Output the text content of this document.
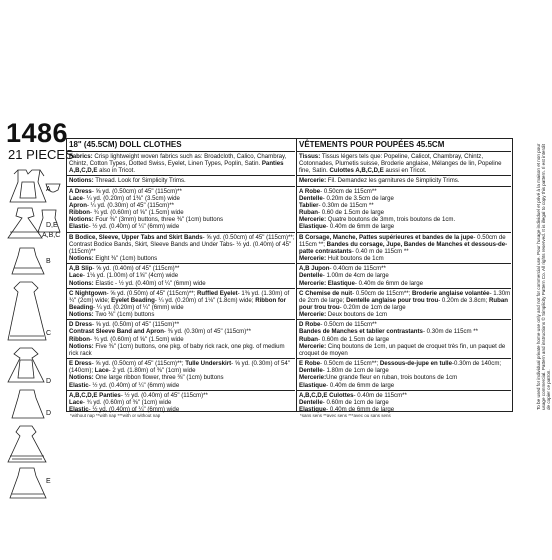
1486
21 PIECES
A
A,B,C
D,E
B
C
D
D
E
18" (45.5CM) DOLL CLOTHES
Fabrics: Crisp lightweight woven fabrics such as: Broadcloth, Calico, Chambray, Chintz, Cotton Types, Dotted Swiss, Eyelet, Linen Types, Poplin, Satin. Panties A,B,C,D,E also in Tricot.
Notions: Thread. Look for Simplicity Trims.
A Dress- ⅝ yd. (0.50cm) of 45" (115cm)**
Lace- ¼ yd. (0.20m) of 1⅜" (3.5cm) wide
Apron- ¼ yd. (0.30m) of 45" (115cm)**
Ribbon- ¾ yd. (0.60m) of ⅝" (1.5cm) wide
Notions: Four ⅜" (3mm) buttons, three ⅜" (1cm) buttons
Elastic- ½ yd. (0.40m) of ¼" (6mm) wide
B Bodice, Sleeve, Upper Tabs and Skirt Bands- ⅝ yd. (0.50cm) of 45" (115cm)**; Contrast Bodice Bands, Skirt, Sleeve Bands and Under Tabs- ½ yd. (0.40m) of 45" (115cm)**
Notions: Eight ⅜" (1cm) buttons
A,B Slip- ⅝ yd. (0.40m) of 45" (115cm)**
Lace- 1⅛ yd. (1.00m) of 1⅝" (4cm) wide
Notions: Elastic - ½ yd. (0.40m) of ¼" (6mm) wide
C Nightgown- ⅝ yd. (0.50m) of 45" (115cm)**; Ruffled Eyelet- 1⅜ yd. (1.30m) of ¾" (2cm) wide; Eyelet Beading- ¼ yd. (0.20m) of 1⅛" (1.8cm) wide; Ribbon for Beading- ¼ yd. (0.20m) of ¼" (6mm) wide
Notions: Two ⅜" (1cm) buttons
D Dress- ⅝ yd. (0.50m) of 45" (115cm)**
Contrast Sleeve Band and Apron- ⅜ yd. (0.30m) of 45" (115cm)**
Ribbon- ¾ yd. (0.60m) of ⅝" (1.5cm) wide
Notions: Five ⅜" (1cm) buttons, one pkg. of baby rick rack, one pkg. of medium rick rack
E Dress- ⅝ yd. (0.50cm) of 45" (115cm)**; Tulle Underskirt- ⅝ yd. (0.30m) of 54" (140cm); Lace- 2 yd. (1.80m) of ⅜" (1cm) wide
Notions: One large ribbon flower, three ⅜" (1cm) buttons
Elastic- ½ yd. (0.40m) of ¼" (6mm) wide
A,B,C,D,E Panties- ½ yd. (0.40m) of 45" (115cm)**
Lace- ¾ yd. (0.60m) of ⅜" (1cm) wide
Elastic- ½ yd. (0.40m) of ¼" (6mm) wide
VÊTEMENTS POUR POUPÉES 45.5CM
Tissus: Tissus légers tels que: Popeline, Calicot, Chambray, Chintz, Cotonnades, Plumetis suisse, Broderie anglaise, Mélanges de lin, Popeline fine, Satin. Culottes A,B,C,D,E aussi en Tricot.
Mercerie: Fil. Demandez les garnitures de Simplicity Trims.
A Robe- 0.50cm de 115cm**
Dentelle- 0.20m de 3.5cm de large
Tablier- 0.30m de 115cm **
Ruban- 0.60 de 1.5cm de large
Mercerie: Quatre boutons de 3mm, trois boutons de 1cm.
Elastique- 0.40m de 6mm de large
B Corsage, Manche, Pattes supérieures et bandes de la jupe- 0.50cm de 115cm **; Bandes du corsage, Jupe, Bandes de Manches et dessous-de-patte contrastants- 0.40 m de 115cm **
Mercerie: Huit boutons de 1cm
A,B Jupon- 0.40cm de 115cm**
Dentelle- 1.00m de 4cm de large
Mercerie: Elastique- 0.40m de 6mm de large
C Chemise de nuit- 0.50cm de 115cm**; Broderie anglaise volantée- 1.30m de 2cm de large; Dentelle anglaise pour trou trou- 0.20m de 3.8cm; Ruban pour trou trou- 0.20m de 1cm de large
Mercerie: Deux boutons de 1cm
D Robe- 0.50cm de 115cm**
Bandes de Manches et tablier contrastants- 0.30m de 115cm **
Ruban- 0.60m de 1.5cm de large
Mercerie: Cinq boutons de 1cm, un paquet de croquet très fin, un paquet de croquet de moyen
E Robe- 0.50cm de 115cm**; Dessous-de-jupe en tulle-0.30m de 140cm; Dentelle- 1.80m de 1cm de large
Mercerie:Une grande fleur en ruban, trois boutons de 1cm
Elastique- 0.40m de 6mm de large
A,B,C,D,E Culottes- 0.40m de 115cm**
Dentelle- 0.60m de 1cm de large
Elastique- 0.40m de 6mm de large
*without nap **with nap ***with or without nap	*sans sens **avec sens ***avec ou sans sens
To be used for individual private home use only and not for commercial use. Pour l'usage individuel et privé à la maison et non pour usage commercial. Pattern and instructions © Simplicity Pattern Co. All rights reserved. It is illegal to copy this pattern. Il est interdit de copier ce patron.
